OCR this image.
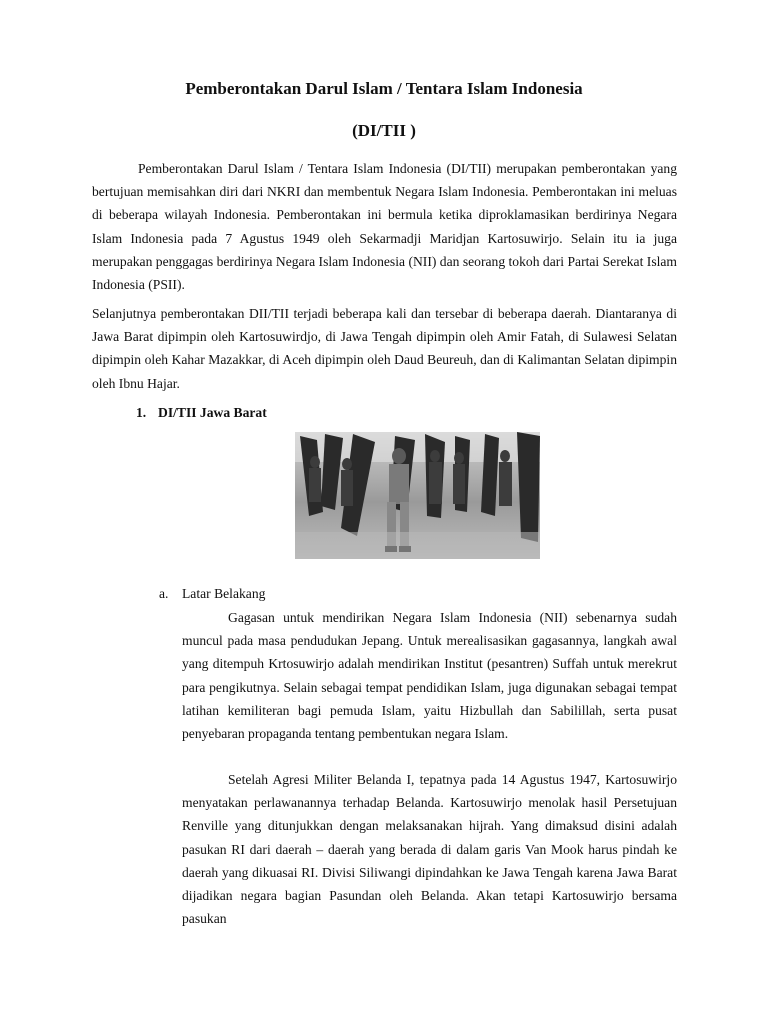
Pemberontakan Darul Islam / Tentara Islam Indonesia
(DI/TII )

Pemberontakan Darul Islam / Tentara Islam Indonesia (DI/TII) merupakan pemberontakan yang bertujuan memisahkan diri dari NKRI dan membentuk Negara Islam Indonesia. Pemberontakan ini meluas di beberapa wilayah Indonesia. Pemberontakan ini bermula ketika diproklamasikan berdirinya Negara Islam Indonesia pada 7 Agustus 1949 oleh Sekarmadji Maridjan Kartosuwirjo. Selain itu ia juga merupakan penggagas berdirinya Negara Islam Indonesia (NII) dan seorang tokoh dari Partai Serekat Islam Indonesia (PSII).

Selanjutnya pemberontakan DII/TII terjadi beberapa kali dan tersebar di beberapa daerah. Diantaranya di Jawa Barat dipimpin oleh Kartosuwirdjo, di Jawa Tengah dipimpin oleh Amir Fatah, di Sulawesi Selatan dipimpin oleh Kahar Mazakkar, di Aceh dipimpin oleh Daud Beureuh, dan di Kalimantan Selatan dipimpin oleh Ibnu Hajar.

1. DI/TII Jawa Barat
a. Latar Belakang

Gagasan untuk mendirikan Negara Islam Indonesia (NII) sebenarnya sudah muncul pada masa pendudukan Jepang. Untuk merealisasikan gagasannya, langkah awal yang ditempuh Krtosuwirjo adalah mendirikan Institut (pesantren) Suffah untuk merekrut para pengikutnya. Selain sebagai tempat pendidikan Islam, juga digunakan sebagai tempat latihan kemiliteran bagi pemuda Islam, yaitu Hizbullah dan Sabilillah, serta pusat penyebaran propaganda tentang pembentukan negara Islam.

Setelah Agresi Militer Belanda I, tepatnya pada 14 Agustus 1947, Kartosuwirjo menyatakan perlawanannya terhadap Belanda. Kartosuwirjo menolak hasil Persetujuan Renville yang ditunjukkan dengan melaksanakan hijrah. Yang dimaksud disini adalah pasukan RI dari daerah – daerah yang berada di dalam garis Van Mook harus pindah ke daerah yang dikuasai RI. Divisi Siliwangi dipindahkan ke Jawa Tengah karena Jawa Barat dijadikan negara bagian Pasundan oleh Belanda. Akan tetapi Kartosuwirjo bersama pasukan
